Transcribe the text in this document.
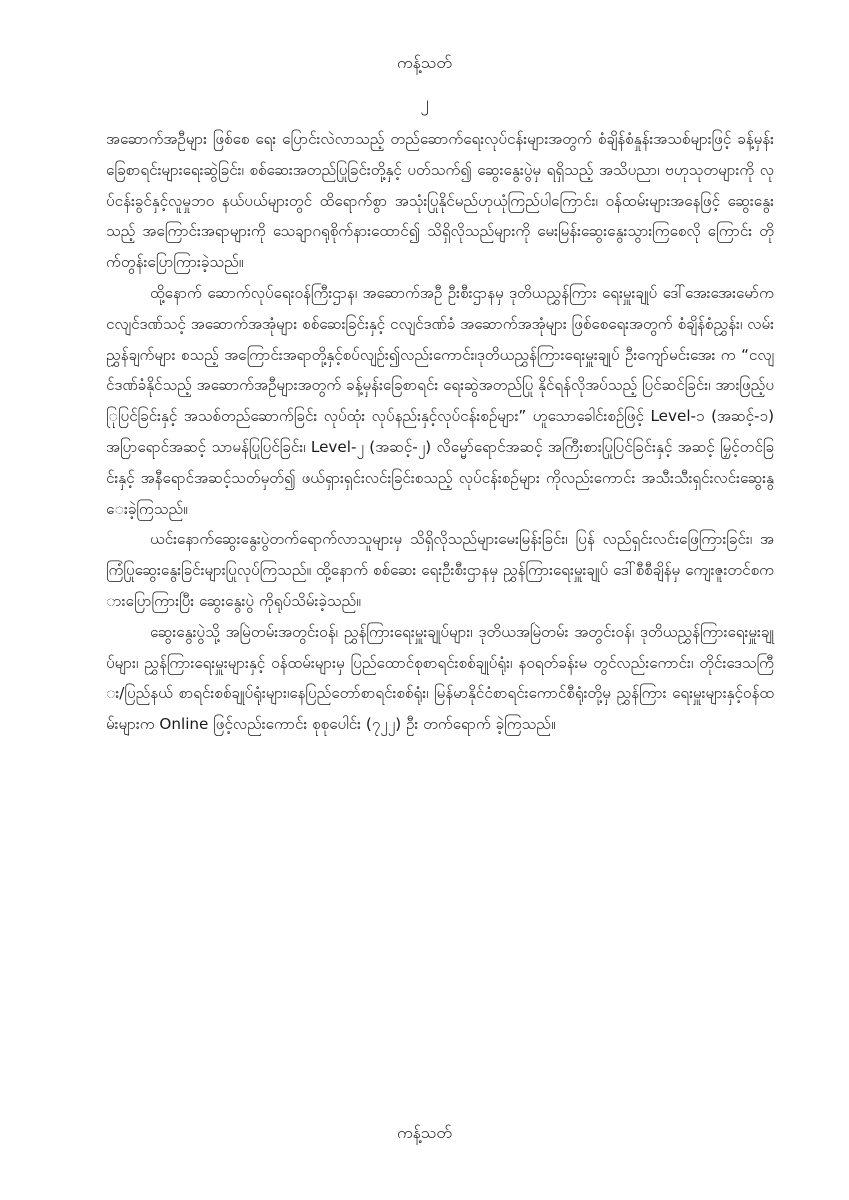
ကန့်သတ်
၂

အဆောက်အဦများ ဖြစ်စေ ရေး ပြောင်းလဲလာသည့် တည်ဆောက်ရေးလုပ်ငန်းများအတွက် စံချိန်စံနှုန်းအသစ်များဖြင့် ခန့်မှန်းခြေစာရင်းများရေးဆွဲခြင်း၊ စစ်ဆေးအတည်ပြုခြင်းတို့နှင့် ပတ်သက်၍ ဆွေးနွေးပွဲမှ ရရှိသည့် အသိပညာ၊ ဗဟုသုတများကို လုပ်ငန်းခွင်နှင့်လူမှုဘဝ နယ်ပယ်များတွင် ထိရောက်စွာ အသုံးပြုနိုင်မည်ဟုယုံကြည်ပါကြောင်း၊ ဝန်ထမ်းများအနေဖြင့် ဆွေးနွေးသည့် အကြောင်းအရာများကို သေချာဂရုစိုက်နားထောင်၍ သိရှိလိုသည်များကို မေးမြန်းဆွေးနွေးသွားကြစေလို ကြောင်း တိုက်တွန်းပြောကြားခဲ့သည်။

ထို့နောက် ဆောက်လုပ်ရေးဝန်ကြီးဌာန၊ အဆောက်အဦ ဦးစီးဌာနမှ ဒုတိယညွှန်ကြား ရေးမှူးချုပ် ဒေါ်အေးအေးမော်က ငလျင်ဒဏ်သင့် အဆောက်အအုံများ စစ်ဆေးခြင်းနှင့် ငလျင်ဒဏ်ခံ အဆောက်အအုံများ ဖြစ်စေရေးအတွက် စံချိန်စံညွှန်း၊ လမ်းညွှန်ချက်များ စသည့် အကြောင်းအရာတို့နှင့်စပ်လျဉ်း၍လည်းကောင်း၊ဒုတိယညွှန်ကြားရေးမှူးချုပ် ဦးကျော်မင်းအေး က “ငလျင်ဒဏ်ခံနိုင်သည့် အဆောက်အဦများအတွက် ခန့်မှန်းခြေစာရင်း ရေးဆွဲအတည်ပြု နိုင်ရန်လိုအပ်သည့် ပြင်ဆင်ခြင်း၊ အားဖြည့်ပြုပြင်ခြင်းနှင့် အသစ်တည်ဆောက်ခြင်း လုပ်ထုံး လုပ်နည်းနှင့်လုပ်ငန်းစဉ်များ” ဟူသောခေါင်းစဉ်ဖြင့် Level-၁ (အဆင့်-၁) အပြာရောင်အဆင့် သာမန်ပြုပြင်ခြင်း၊ Level-၂ (အဆင့်-၂) လိမ္မော်ရောင်အဆင့် အကြီးစားပြုပြင်ခြင်းနှင့် အဆင့် မြှင့်တင်ခြင်းနှင့် အနီရောင်အဆင့်သတ်မှတ်၍ ဖယ်ရှားရှင်းလင်းခြင်းစသည့် လုပ်ငန်းစဉ်များ ကိုလည်းကောင်း အသီးသီးရှင်းလင်းဆွေးနွေးခဲ့ကြသည်။

ယင်းနောက်ဆွေးနွေးပွဲတက်ရောက်လာသူများမှ သိရှိလိုသည်များမေးမြန်းခြင်း၊ ပြန် လည်ရှင်းလင်းဖြေကြားခြင်း၊ အကြံပြုဆွေးနွေးခြင်းများပြုလုပ်ကြသည်။ ထို့နောက် စစ်ဆေး ရေးဦးစီးဌာနမှ ညွှန်ကြားရေးမှူးချုပ် ဒေါ်စီစီချိန်မှ ကျေးဇူးတင်စကားပြောကြားပြီး ဆွေးနွေးပွဲ ကိုရုပ်သိမ်းခဲ့သည်။

ဆွေးနွေးပွဲသို့ အမြဲတမ်းအတွင်းဝန်၊ ညွှန်ကြားရေးမှူးချုပ်များ၊ ဒုတိယအမြဲတမ်း အတွင်းဝန်၊ ဒုတိယညွှန်ကြားရေးမှူးချုပ်များ၊ ညွှန်ကြားရေးမှူးများနှင့် ဝန်ထမ်းများမှ ပြည်ထောင်စုစာရင်းစစ်ချုပ်ရုံး၊ နဝရတ်ခန်းမ တွင်လည်းကောင်း၊ တိုင်းဒေသကြီး/ပြည်နယ် စာရင်းစစ်ချုပ်ရုံးများ၊နေပြည်တော်စာရင်းစစ်ရုံး၊ မြန်မာနိုင်ငံစာရင်းကောင်စီရုံးတို့မှ ညွှန်ကြား ရေးမှူးများနှင့်ဝန်ထမ်းများက Online ဖြင့်လည်းကောင်း စုစုပေါင်း (၇၂၂) ဦး တက်ရောက် ခဲ့ကြသည်။

ကန့်သတ်
